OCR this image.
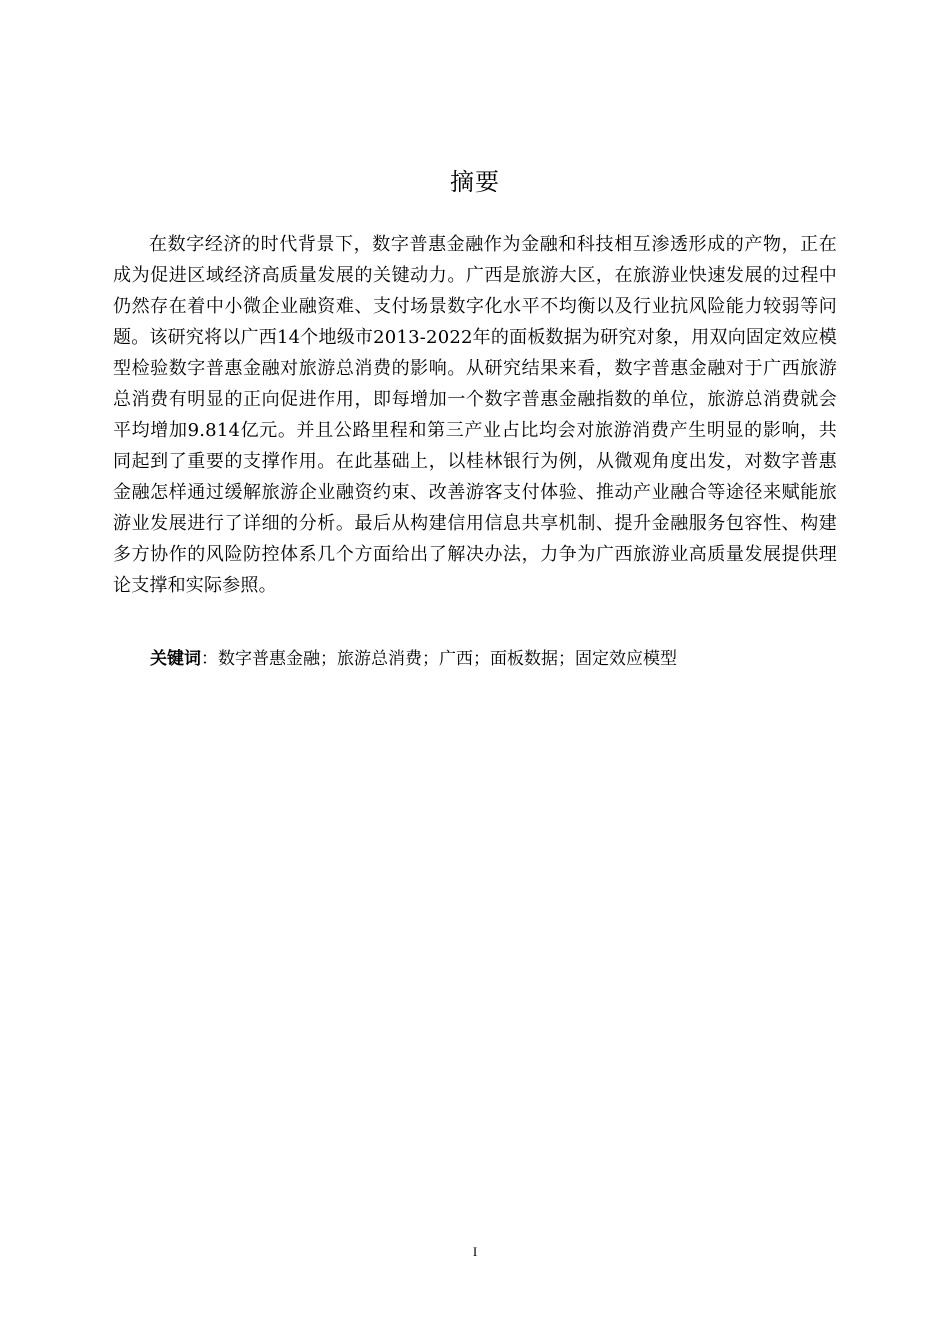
摘要

在数字经济的时代背景下，数字普惠金融作为金融和科技相互渗透形成的产物，正在成为促进区域经济高质量发展的关键动力。广西是旅游大区，在旅游业快速发展的过程中仍然存在着中小微企业融资难、支付场景数字化水平不均衡以及行业抗风险能力较弱等问题。该研究将以广西14个地级市2013-2022年的面板数据为研究对象，用双向固定效应模型检验数字普惠金融对旅游总消费的影响。从研究结果来看，数字普惠金融对于广西旅游总消费有明显的正向促进作用，即每增加一个数字普惠金融指数的单位，旅游总消费就会平均增加9.814亿元。并且公路里程和第三产业占比均会对旅游消费产生明显的影响，共同起到了重要的支撑作用。在此基础上，以桂林银行为例，从微观角度出发，对数字普惠金融怎样通过缓解旅游企业融资约束、改善游客支付体验、推动产业融合等途径来赋能旅游业发展进行了详细的分析。最后从构建信用信息共享机制、提升金融服务包容性、构建多方协作的风险防控体系几个方面给出了解决办法，力争为广西旅游业高质量发展提供理论支撑和实际参照。

关键词：数字普惠金融；旅游总消费；广西；面板数据；固定效应模型
I
